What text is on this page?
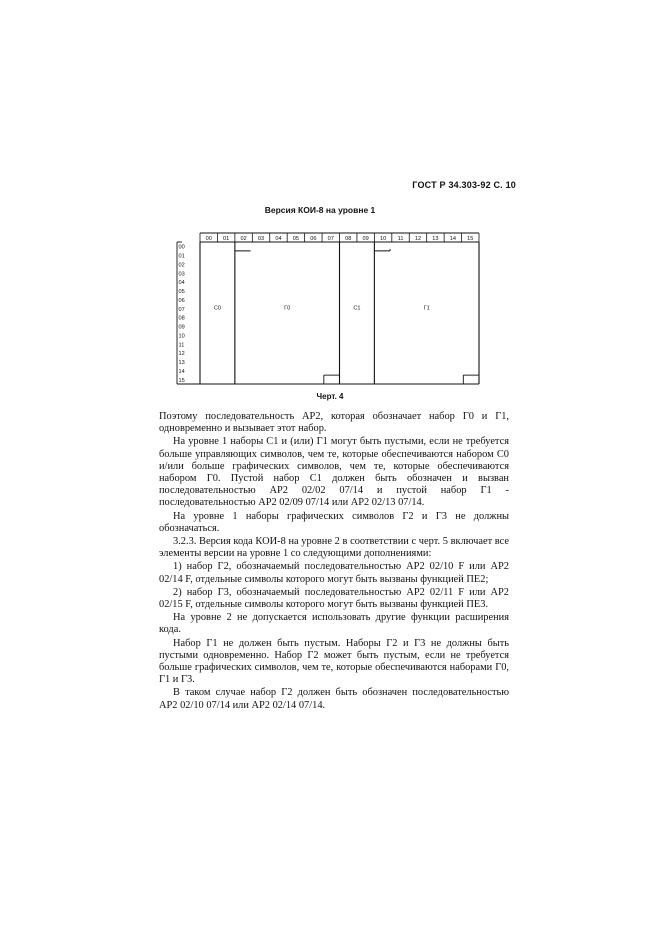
ГОСТ Р 34.303-92 С. 10
Версия КОИ-8 на уровне 1
00 01 02 03 04 05 06 07 08 09 10 11 12 13 14 15
00
01
02
03
04
05
06
07
08
09
10
11
12
13
14
15
С0	Г0	С1	Г1
Черт. 4

Поэтому последовательность АР2, которая обозначает набор Г0 и Г1, одновременно и вызывает этот набор.

На уровне 1 наборы С1 и (или) Г1 могут быть пустыми, если не требуется больше управляющих символов, чем те, которые обеспечиваются набором С0 и/или больше графических символов, чем те, которые обеспечиваются набором Г0. Пустой набор С1 должен быть обозначен и вызван последовательностью АР2 02/02 07/14 и пустой набор Г1 - последовательностью АР2 02/09 07/14 или АР2 02/13 07/14.

На уровне 1 наборы графических символов Г2 и Г3 не должны обозначаться.

3.2.3. Версия кода КОИ-8 на уровне 2 в соответствии с черт. 5 включает все элементы версии на уровне 1 со следующими дополнениями:

1) набор Г2, обозначаемый последовательностью АР2 02/10 F или АР2 02/14 F, отдельные символы которого могут быть вызваны функцией ПЕ2;

2) набор Г3, обозначаемый последовательностью АР2 02/11 F или АР2 02/15 F, отдельные символы которого могут быть вызваны функцией ПЕ3.

На уровне 2 не допускается использовать другие функции расширения кода.

Набор Г1 не должен быть пустым. Наборы Г2 и Г3 не должны быть пустыми одновременно. Набор Г2 может быть пустым, если не требуется больше графических символов, чем те, которые обеспечиваются наборами Г0, Г1 и Г3.

В таком случае набор Г2 должен быть обозначен последовательностью АР2 02/10 07/14 или АР2 02/14 07/14.
